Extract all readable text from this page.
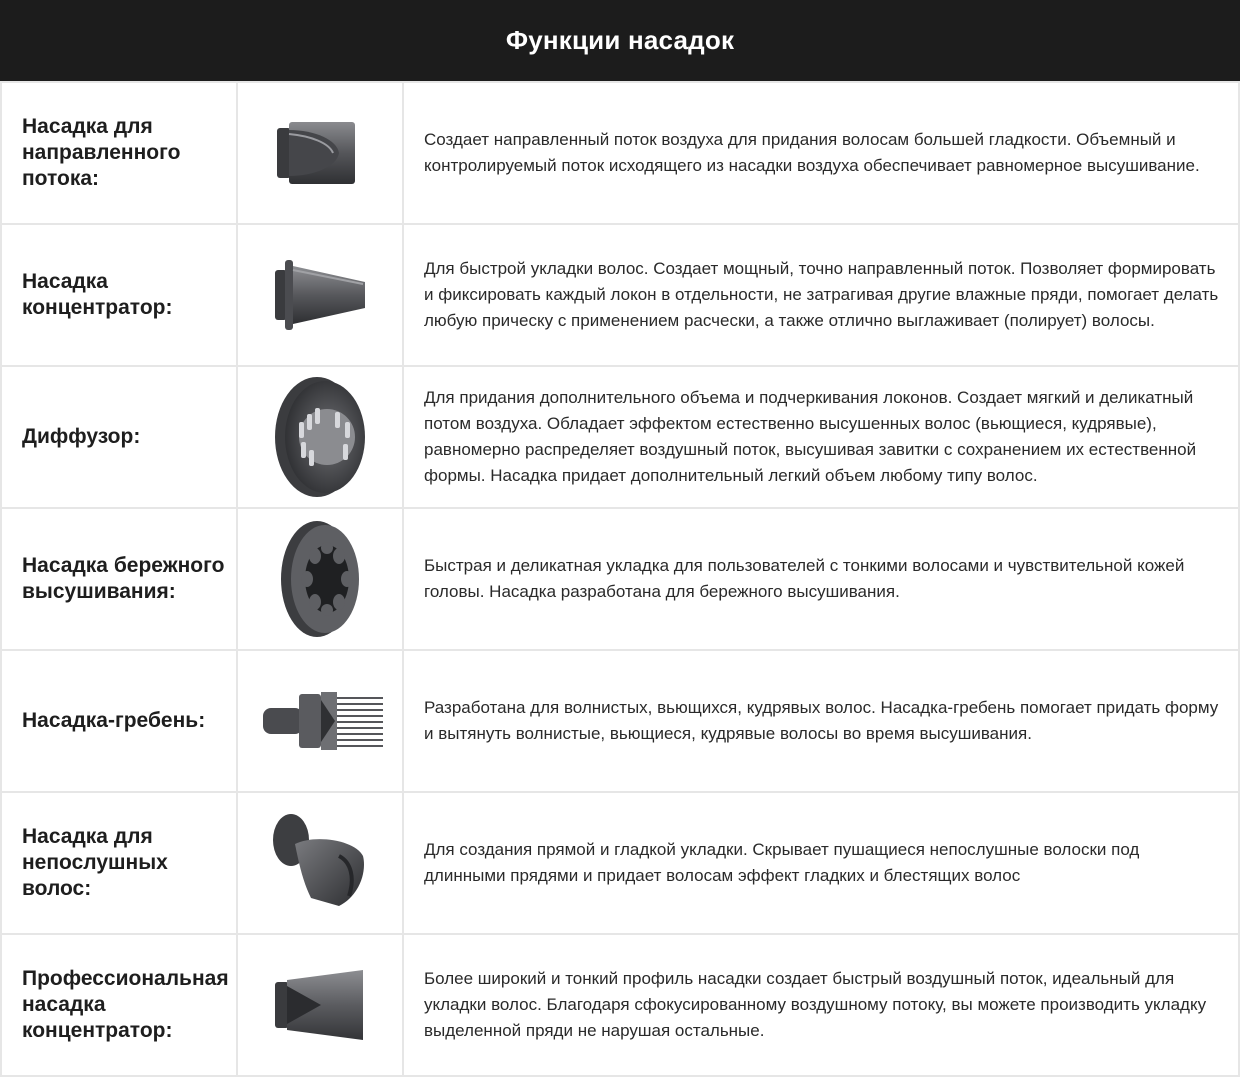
Функции насадок
Насадка для направленного потока:		Создает направленный поток воздуха для придания волосам большей гладкости. Объемный и контролируемый поток исходящего из насадки воздуха обеспечивает равномерное высушивание.
Насадка концентратор:		Для быстрой укладки волос. Создает мощный, точно направленный поток. Позволяет формировать и фиксировать каждый локон в отдельности, не затрагивая другие влажные пряди, помогает делать любую прическу с применением расчески, а также отлично выглаживает (полирует) волосы.
Диффузор:		Для придания дополнительного объема и подчеркивания локонов. Создает мягкий и деликатный потом воздуха. Обладает эффектом естественно высушенных волос (вьющиеся, кудрявые), равномерно распределяет воздушный поток, высушивая завитки с сохранением их естественной формы. Насадка придает дополнительный легкий объем любому типу волос.
Насадка бережного высушивания:		Быстрая и деликатная укладка для пользователей с тонкими волосами и чувствительной кожей головы. Насадка разработана для бережного высушивания.
Насадка-гребень:		Разработана для волнистых, вьющихся, кудрявых волос. Насадка-гребень помогает придать форму и вытянуть волнистые, вьющиеся, кудрявые волосы во время высушивания.
Насадка для непослушных волос:		Для создания прямой и гладкой укладки. Скрывает пушащиеся непослушные волоски под длинными прядями и придает волосам эффект гладких и блестящих волос
Профессиональная насадка концентратор:		Более широкий и тонкий профиль насадки создает быстрый воздушный поток, идеальный для укладки волос. Благодаря сфокусированному воздушному потоку, вы можете производить укладку выделенной пряди не нарушая остальные.
